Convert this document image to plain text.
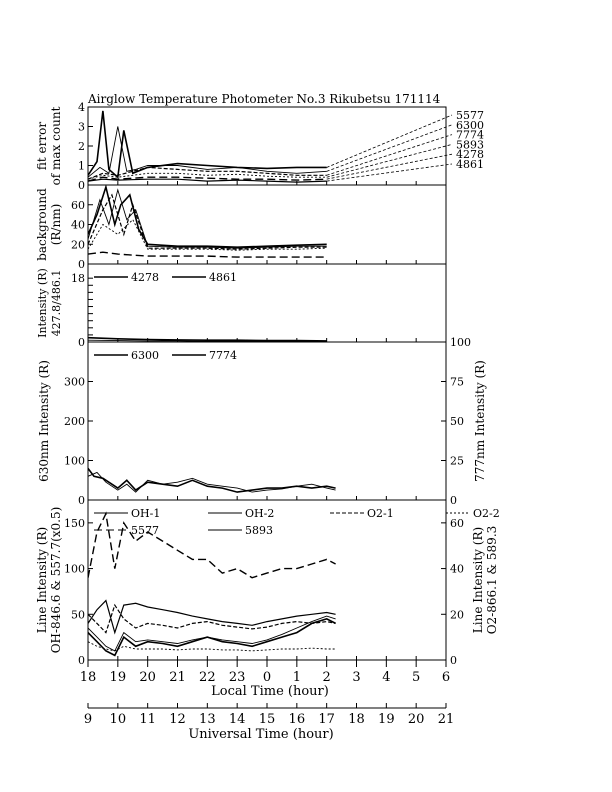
Airglow Temperature Photometer No.3 Rikubetsu 171114
0
1
2
3
4
fit error of max count	5577
6300
7774
5893
4278
4861
0
20
40
60
background (R/nm)
0
18
Intensity (R) 427.8/486.1	4278	4861
0
100
200
300
0
25
50
75
100
630nm Intensity (R)	777nm Intensity (R)
6300	7774
0
50
100
150
0
20
40
60
Line Intensity (R) OH-846.6 & 557.7(x0.5)	Line Intensity (R) O2-866.1 & 589.3
OH-1	OH-2	O2-1	O2-2
5577	5893
18 19 20 21 22 23 0 1 2 3 4 5 6
Local Time (hour)
9 10 11 12 13 14 15 16 17 18 19 20 21
Universal Time (hour)
